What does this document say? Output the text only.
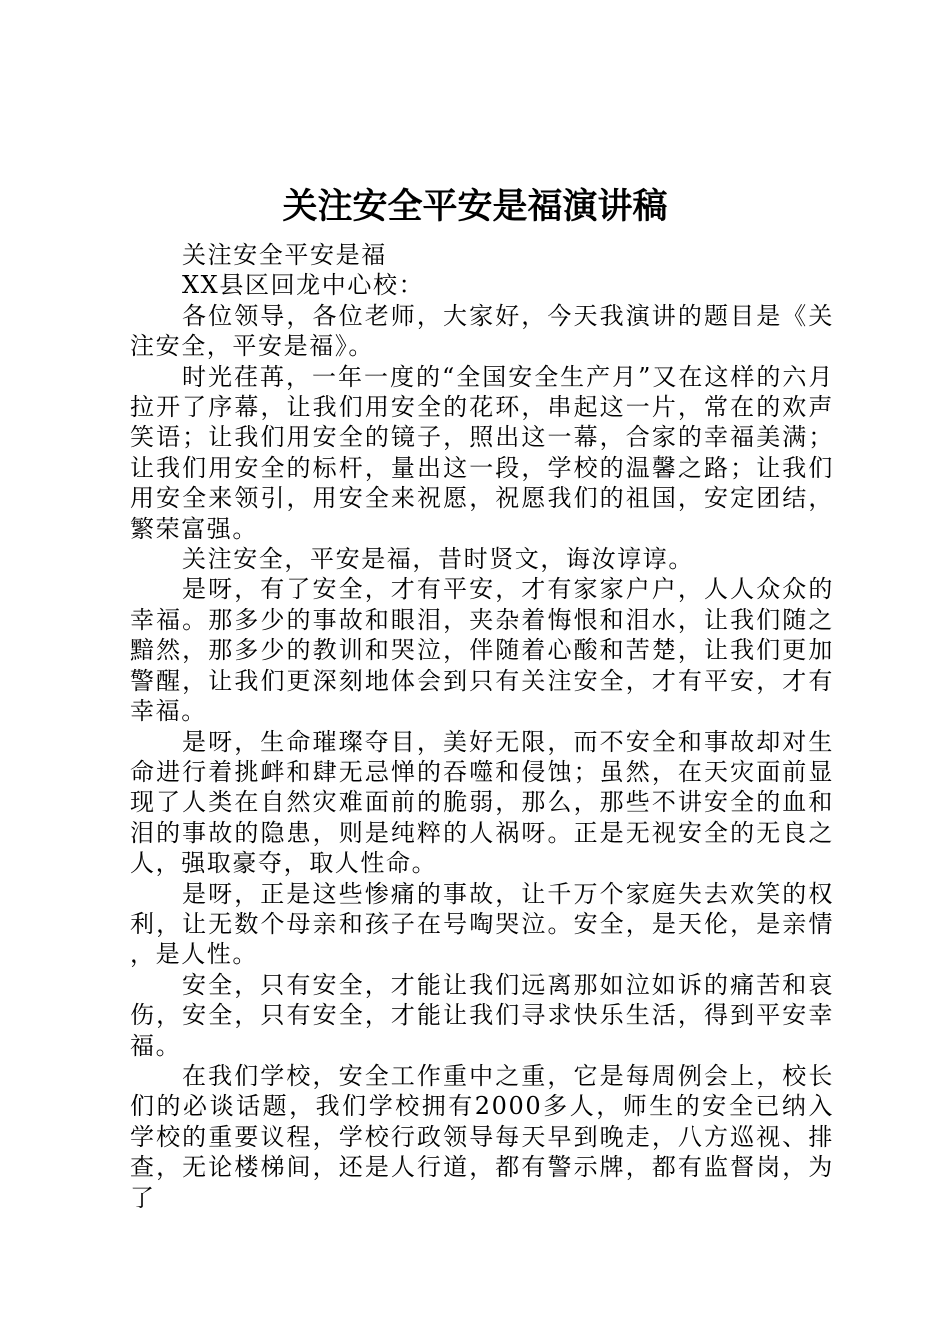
关注安全平安是福演讲稿

关注安全平安是福

XX县区回龙中心校：

各位领导，各位老师，大家好，今天我演讲的题目是《关注安全，平安是福》。

时光荏苒，一年一度的“全国安全生产月”又在这样的六月拉开了序幕，让我们用安全的花环，串起这一片，常在的欢声笑语；让我们用安全的镜子，照出这一幕，合家的幸福美满；让我们用安全的标杆，量出这一段，学校的温馨之路；让我们用安全来领引，用安全来祝愿，祝愿我们的祖国，安定团结，繁荣富强。

关注安全，平安是福，昔时贤文，诲汝谆谆。

是呀，有了安全，才有平安，才有家家户户，人人众众的幸福。那多少的事故和眼泪，夹杂着悔恨和泪水，让我们随之黯然，那多少的教训和哭泣，伴随着心酸和苦楚，让我们更加警醒，让我们更深刻地体会到只有关注安全，才有平安，才有幸福。

是呀，生命璀璨夺目，美好无限，而不安全和事故却对生命进行着挑衅和肆无忌惮的吞噬和侵蚀；虽然，在天灾面前显现了人类在自然灾难面前的脆弱，那么，那些不讲安全的血和泪的事故的隐患，则是纯粹的人祸呀。正是无视安全的无良之人，强取豪夺，取人性命。

是呀，正是这些惨痛的事故，让千万个家庭失去欢笑的权利，让无数个母亲和孩子在号啕哭泣。安全，是天伦，是亲情，是人性。

安全，只有安全，才能让我们远离那如泣如诉的痛苦和哀伤，安全，只有安全，才能让我们寻求快乐生活，得到平安幸福。

在我们学校，安全工作重中之重，它是每周例会上，校长们的必谈话题，我们学校拥有2000多人，师生的安全已纳入学校的重要议程，学校行政领导每天早到晚走，八方巡视、排查，无论楼梯间，还是人行道，都有警示牌，都有监督岗，为了
